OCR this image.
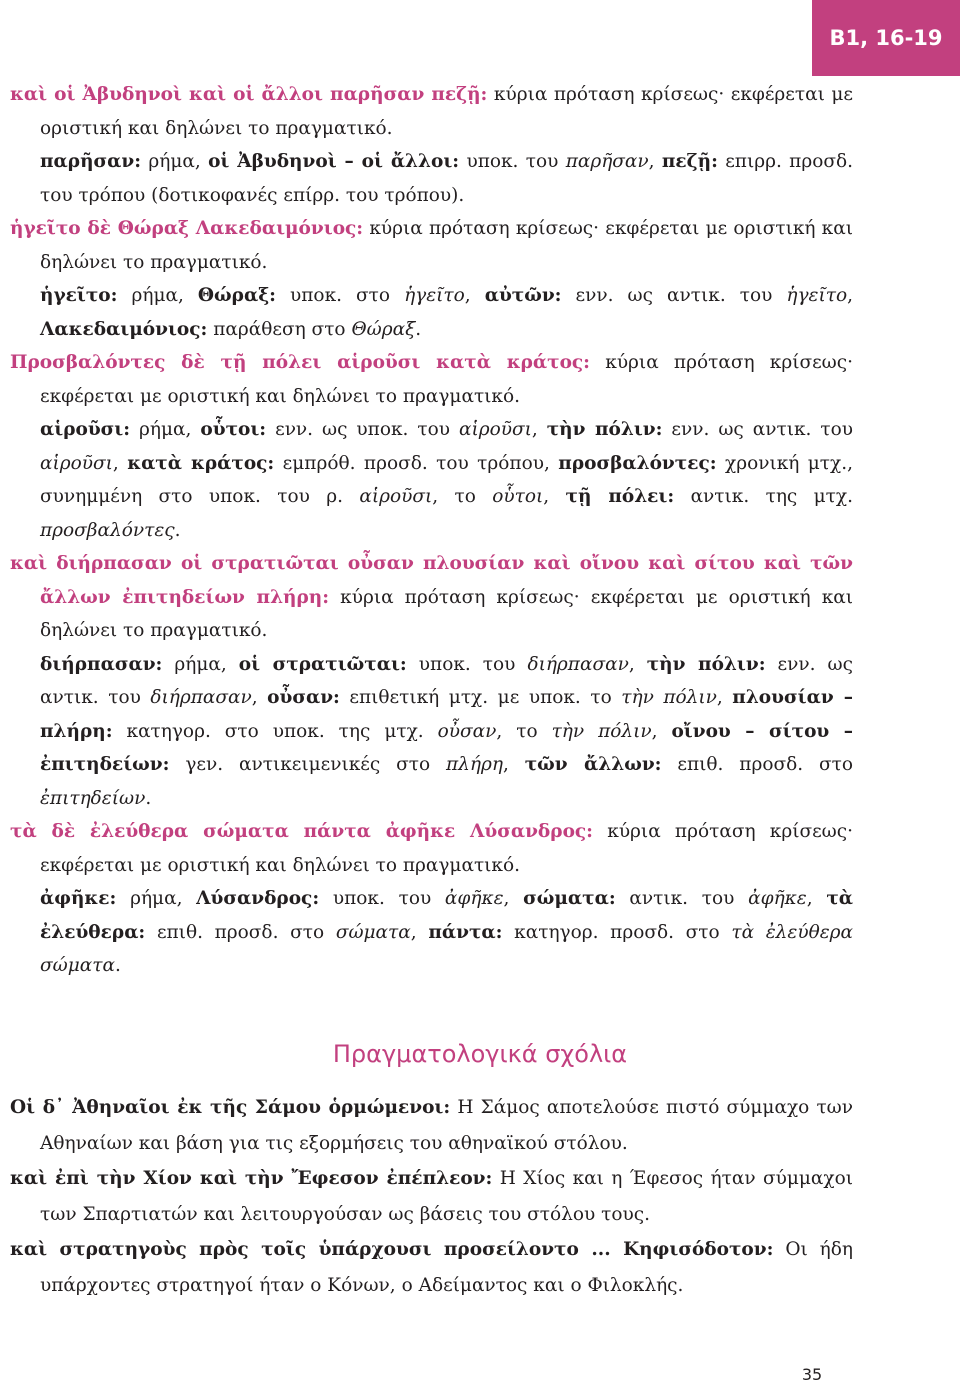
Β1, 16-19

καὶ οἱ Ἀβυδηνοὶ καὶ οἱ ἄλλοι παρῆσαν πεζῇ: κύρια πρόταση κρίσεως· εκφέρεται με οριστική και δηλώνει το πραγματικό.

παρῆσαν: ρήμα, οἱ Ἀβυδηνοὶ – οἱ ἄλλοι: υποκ. του παρῆσαν, πεζῇ: επιρρ. προσδ. του τρόπου (δοτικοφανές επίρρ. του τρόπου).

ἡγεῖτο δὲ Θώραξ Λακεδαιμόνιος: κύρια πρόταση κρίσεως· εκφέρεται με οριστική και δηλώνει το πραγματικό.

ἡγεῖτο: ρήμα, Θώραξ: υποκ. στο ἡγεῖτο, αὐτῶν: ενν. ως αντικ. του ἡγεῖτο, Λακεδαιμόνιος: παράθεση στο Θώραξ.

Προσβαλόντες δὲ τῇ πόλει αἱροῦσι κατὰ κράτος: κύρια πρόταση κρίσεως· εκφέρεται με οριστική και δηλώνει το πραγματικό.

αἱροῦσι: ρήμα, οὗτοι: ενν. ως υποκ. του αἱροῦσι, τὴν πόλιν: ενν. ως αντικ. του αἱροῦσι, κατὰ κράτος: εμπρόθ. προσδ. του τρόπου, προσβαλόντες: χρονική μτχ., συνημμένη στο υποκ. του ρ. αἱροῦσι, το οὗτοι, τῇ πόλει: αντικ. της μτχ. προσβαλόντες.

καὶ διήρπασαν οἱ στρατιῶται οὖσαν πλουσίαν καὶ οἴνου καὶ σίτου καὶ τῶν ἄλλων ἐπιτηδείων πλήρη: κύρια πρόταση κρίσεως· εκφέρεται με οριστική και δηλώνει το πραγματικό.

διήρπασαν: ρήμα, οἱ στρατιῶται: υποκ. του διήρπασαν, τὴν πόλιν: ενν. ως αντικ. του διήρπασαν, οὖσαν: επιθετική μτχ. με υποκ. το τὴν πόλιν, πλουσίαν – πλήρη: κατηγορ. στο υποκ. της μτχ. οὖσαν, το τὴν πόλιν, οἴνου – σίτου – ἐπιτηδείων: γεν. αντικειμενικές στο πλήρη, τῶν ἄλλων: επιθ. προσδ. στο ἐπιτηδείων.

τὰ δὲ ἐλεύθερα σώματα πάντα ἀφῆκε Λύσανδρος: κύρια πρόταση κρίσεως· εκφέρεται με οριστική και δηλώνει το πραγματικό.

ἀφῆκε: ρήμα, Λύσανδρος: υποκ. του ἀφῆκε, σώματα: αντικ. του ἀφῆκε, τὰ ἐλεύθερα: επιθ. προσδ. στο σώματα, πάντα: κατηγορ. προσδ. στο τὰ ἐλεύθερα σώματα.

Πραγματολογικά σχόλια

Οἱ δ᾽ Ἀθηναῖοι ἐκ τῆς Σάμου ὁρμώμενοι: Η Σάμος αποτελούσε πιστό σύμμαχο των Αθηναίων και βάση για τις εξορμήσεις του αθηναϊκού στόλου.

καὶ ἐπὶ τὴν Χίον καὶ τὴν Ἔφεσον ἐπέπλεον: Η Χίος και η Έφεσος ήταν σύμμαχοι των Σπαρτιατών και λειτουργούσαν ως βάσεις του στόλου τους.

καὶ στρατηγοὺς πρὸς τοῖς ὑπάρχουσι προσείλοντο ... Κηφισόδοτον: Οι ήδη υπάρχοντες στρατηγοί ήταν ο Κόνων, ο Αδείμαντος και ο Φιλοκλής.

35
